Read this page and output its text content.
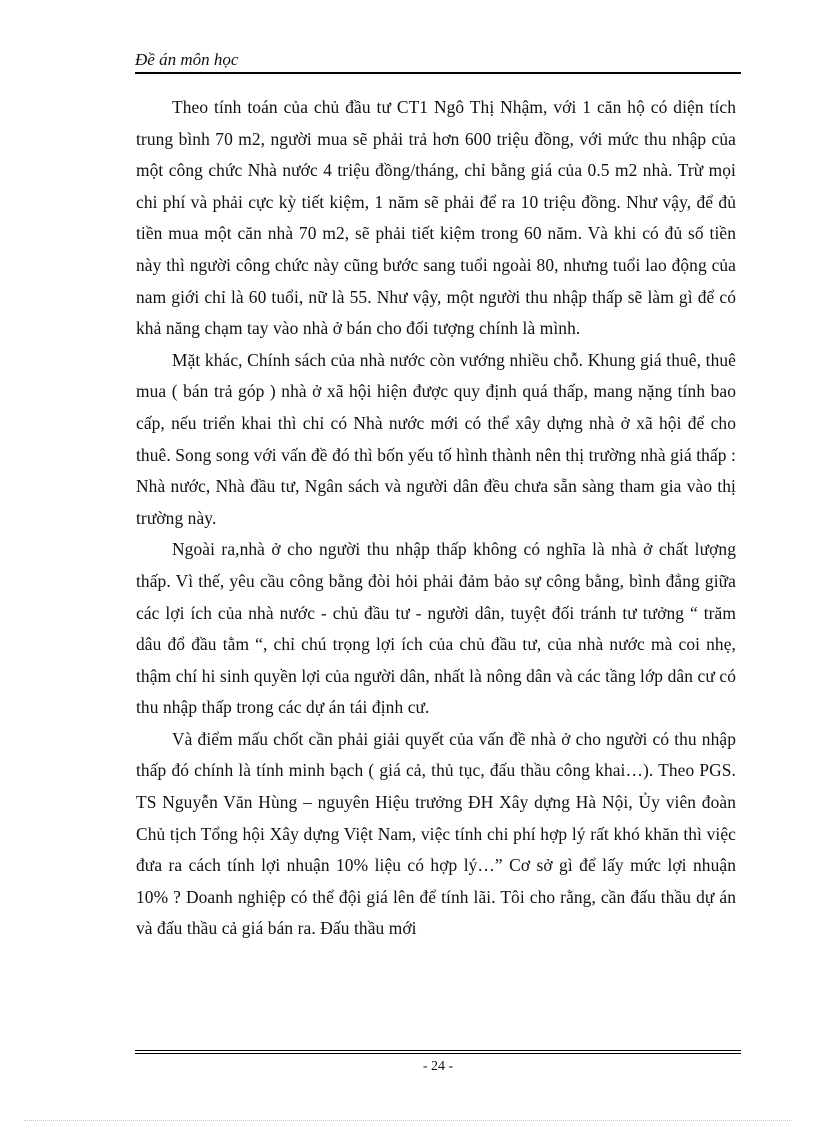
Đề án môn học

Theo tính toán của chủ đầu tư CT1 Ngô Thị Nhậm, với 1 căn hộ có diện tích trung bình 70 m2, người mua sẽ phải trả hơn 600 triệu đồng, với mức thu nhập của một công chức Nhà nước 4 triệu đồng/tháng, chỉ bằng giá của 0.5 m2 nhà. Trừ mọi chi phí và phải cực kỳ tiết kiệm, 1 năm sẽ phải để ra 10 triệu đồng. Như vậy, để đủ tiền mua một căn nhà 70 m2, sẽ phải tiết kiệm trong 60 năm. Và khi có đủ số tiền này thì người công chức này cũng bước sang tuổi ngoài 80, nhưng tuổi lao động của nam giới chỉ là 60 tuổi, nữ là 55. Như vậy, một người thu nhập thấp sẽ làm gì để có khả năng chạm tay vào nhà ở bán cho đối tượng chính là mình.

Mặt khác, Chính sách của nhà nước còn vướng nhiều chỗ. Khung giá thuê, thuê mua ( bán trả góp ) nhà ở xã hội hiện được quy định quá thấp, mang nặng tính bao cấp, nếu triển khai thì chỉ có Nhà nước mới có thể xây dựng nhà ở xã hội để cho thuê. Song song với vấn đề đó thì bốn yếu tố hình thành nên thị trường nhà giá thấp : Nhà nước, Nhà đầu tư, Ngân sách và người dân đều chưa sẵn sàng tham gia vào thị trường này.

Ngoài ra,nhà ở cho người thu nhập thấp không có nghĩa là nhà ở chất lượng thấp. Vì thế, yêu cầu công bằng đòi hỏi phải đảm bảo sự công bằng, bình đẳng giữa các lợi ích của nhà nước - chủ đầu tư - người dân, tuyệt đối tránh tư tưởng “ trăm dâu đổ đầu tằm “, chỉ chú trọng lợi ích của chủ đầu tư, của nhà nước mà coi nhẹ, thậm chí hi sinh quyền lợi của người dân, nhất là nông dân và các tầng lớp dân cư có thu nhập thấp trong các dự án tái định cư.

Và điểm mấu chốt cần phải giải quyết của vấn đề nhà ở cho người có thu nhập thấp đó chính là tính minh bạch ( giá cả, thủ tục, đấu thầu công khai…). Theo PGS. TS Nguyễn Văn Hùng – nguyên Hiệu trưởng ĐH Xây dựng Hà Nội, Ủy viên đoàn Chủ tịch Tổng hội Xây dựng Việt Nam, việc tính chi phí hợp lý rất khó khăn thì việc đưa ra cách tính lợi nhuận 10% liệu có hợp lý…” Cơ sở gì để lấy mức lợi nhuận 10% ? Doanh nghiệp có thể đội giá lên để tính lãi. Tôi cho rằng, cần đấu thầu dự án và đấu thầu cả giá bán ra. Đấu thầu mới

- 24 -
